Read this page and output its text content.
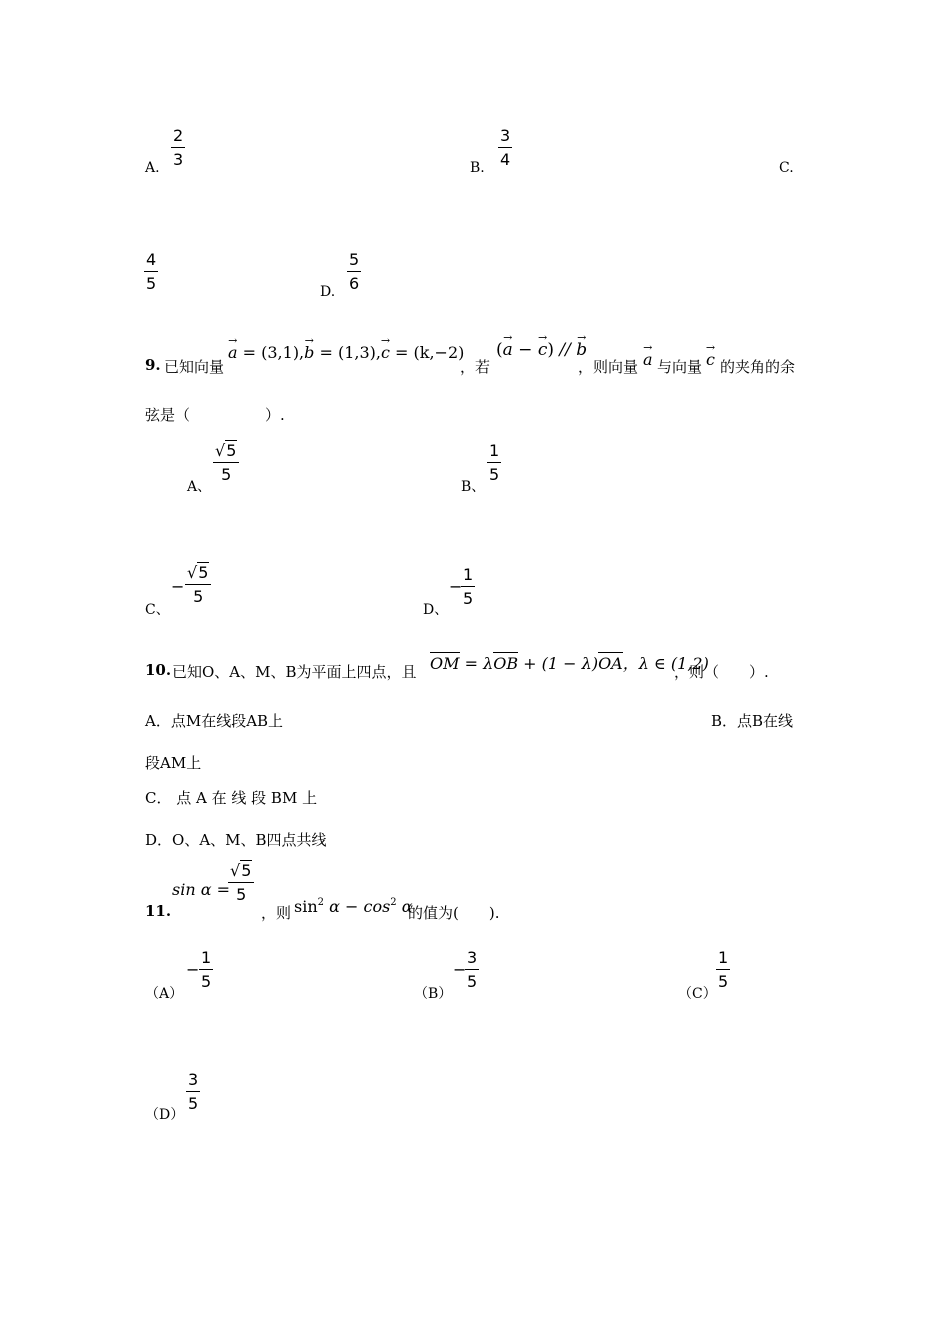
A.
2
3	B.
3
4	C.
4
5	D.
5
6
9. 已知向量
→ a = (3,1),→ b = (1,3),→ c = (k,−2)
，若
(→ a − → c) // → b
，则向量 → a 与向量 → c 的夹角的余
弦是（　　　　　）.
A、
√5
5
B、
1
5
C、
−
√5
5
D、
−
1
5
10. 已知O、A、M、B为平面上四点，且 OM = λOB + (1 − λ)OA，λ ∈ (1,2)
，则（　　）.
A．点M在线段AB上	B．点B在线
段AM上
C． 点 A 在 线 段 BM 上
D．O、A、M、B四点共线
11.
sin α =
√5
5
，则 $\sin^2 \alpha - \cos^2 \alpha$
的值为(　　).
（A）
−
1
5
（B）
−
3
5
（C）
1
5
（D）
3
5
